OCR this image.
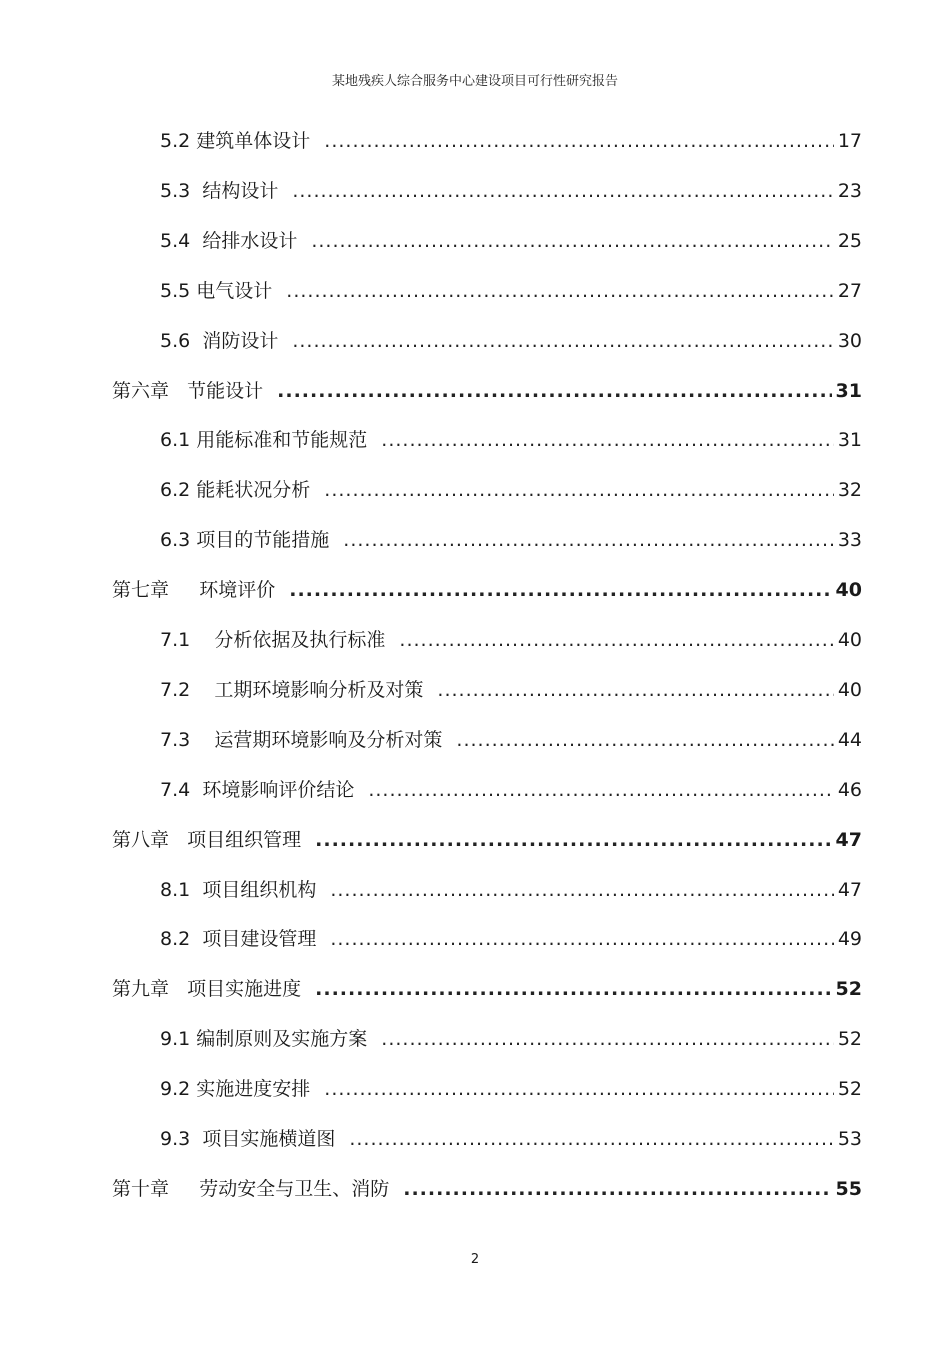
某地残疾人综合服务中心建设项目可行性研究报告
5.2 建筑单体设计 .....	17
5.3 结构设计 .....	23
5.4 给排水设计 .....	25
5.5 电气设计 .....	27
5.6 消防设计 .....	30
第六章 节能设计 .....	31
6.1 用能标准和节能规范 .....	31
6.2 能耗状况分析 .....	32
6.3 项目的节能措施 .....	33
第七章 环境评价 .....	40
7.1 分析依据及执行标准 .....	40
7.2 工期环境影响分析及对策 .....	40
7.3 运营期环境影响及分析对策 .....	44
7.4 环境影响评价结论 .....	46
第八章 项目组织管理 .....	47
8.1 项目组织机构 .....	47
8.2 项目建设管理 .....	49
第九章 项目实施进度 .....	52
9.1 编制原则及实施方案 .....	52
9.2 实施进度安排 .....	52
9.3 项目实施横道图 .....	53
第十章 劳动安全与卫生、消防 .....	55
2
